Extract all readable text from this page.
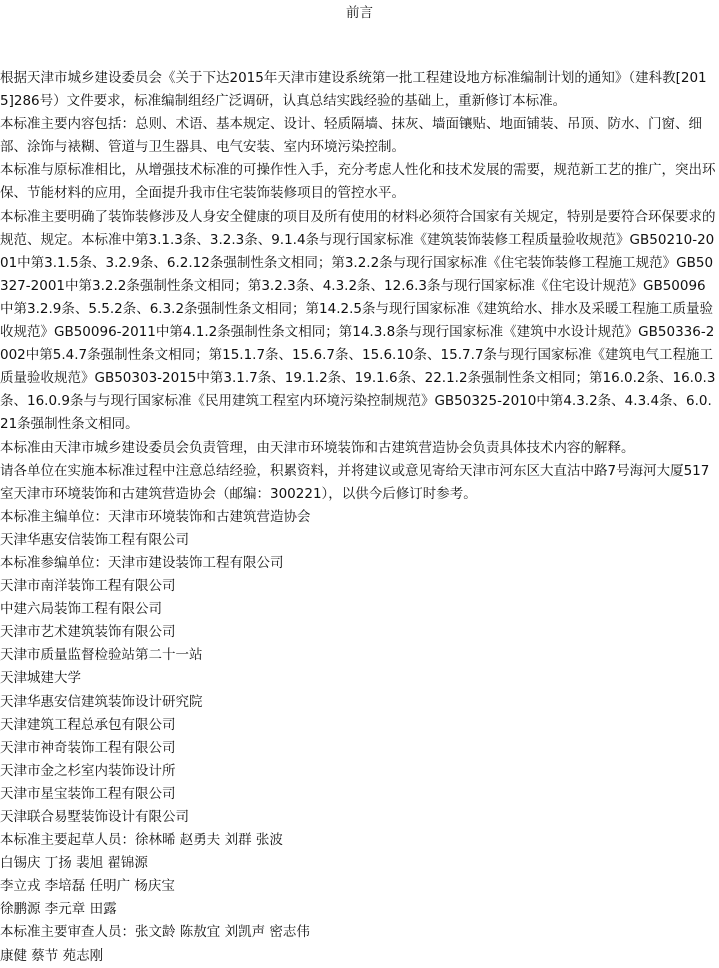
前言

根据天津市城乡建设委员会《关于下达2015年天津市建设系统第一批工程建设地方标准编制计划的通知》（建科教[2015]286号）文件要求，标准编制组经广泛调研，认真总结实践经验的基础上，重新修订本标准。

本标准主要内容包括：总则、术语、基本规定、设计、轻质隔墙、抹灰、墙面镶贴、地面铺装、吊顶、防水、门窗、细部、涂饰与裱糊、管道与卫生器具、电气安装、室内环境污染控制。

本标准与原标准相比，从增强技术标准的可操作性入手，充分考虑人性化和技术发展的需要，规范新工艺的推广，突出环保、节能材料的应用，全面提升我市住宅装饰装修项目的管控水平。

本标准主要明确了装饰装修涉及人身安全健康的项目及所有使用的材料必须符合国家有关规定，特别是要符合环保要求的规范、规定。本标准中第3.1.3条、3.2.3条、9.1.4条与现行国家标准《建筑装饰装修工程质量验收规范》GB50210-2001中第3.1.5条、3.2.9条、6.2.12条强制性条文相同；第3.2.2条与现行国家标准《住宅装饰装修工程施工规范》GB50327-2001中第3.2.2条强制性条文相同；第3.2.3条、4.3.2条、12.6.3条与现行国家标准《住宅设计规范》GB50096中第3.2.9条、5.5.2条、6.3.2条强制性条文相同；第14.2.5条与现行国家标准《建筑给水、排水及采暖工程施工质量验收规范》GB50096-2011中第4.1.2条强制性条文相同；第14.3.8条与现行国家标准《建筑中水设计规范》GB50336-2002中第5.4.7条强制性条文相同；第15.1.7条、15.6.7条、15.6.10条、15.7.7条与现行国家标准《建筑电气工程施工质量验收规范》GB50303-2015中第3.1.7条、19.1.2条、19.1.6条、22.1.2条强制性条文相同；第16.0.2条、16.0.3条、16.0.9条与与现行国家标准《民用建筑工程室内环境污染控制规范》GB50325-2010中第4.3.2条、4.3.4条、6.0.21条强制性条文相同。

本标准由天津市城乡建设委员会负责管理，由天津市环境装饰和古建筑营造协会负责具体技术内容的解释。

请各单位在实施本标准过程中注意总结经验，积累资料，并将建议或意见寄给天津市河东区大直沽中路7号海河大厦517室天津市环境装饰和古建筑营造协会（邮编：300221），以供今后修订时参考。

本标准主编单位：天津市环境装饰和古建筑营造协会
天津华惠安信装饰工程有限公司
本标准参编单位：天津市建设装饰工程有限公司
天津市南洋装饰工程有限公司
中建六局装饰工程有限公司
天津市艺术建筑装饰有限公司
天津市质量监督检验站第二十一站
天津城建大学
天津华惠安信建筑装饰设计研究院
天津建筑工程总承包有限公司
天津市神奇装饰工程有限公司
天津市金之杉室内装饰设计所
天津市星宝装饰工程有限公司
天津联合易墅装饰设计有限公司
本标准主要起草人员：徐林晞 赵勇夫 刘群 张波
白锡庆 丁扬 裴旭 翟锦源
李立戎 李培磊 任明广 杨庆宝
徐鹏源 李元章 田露
本标准主要审查人员：张文龄 陈敖宜 刘凯声 密志伟
康健 蔡节 苑志刚
